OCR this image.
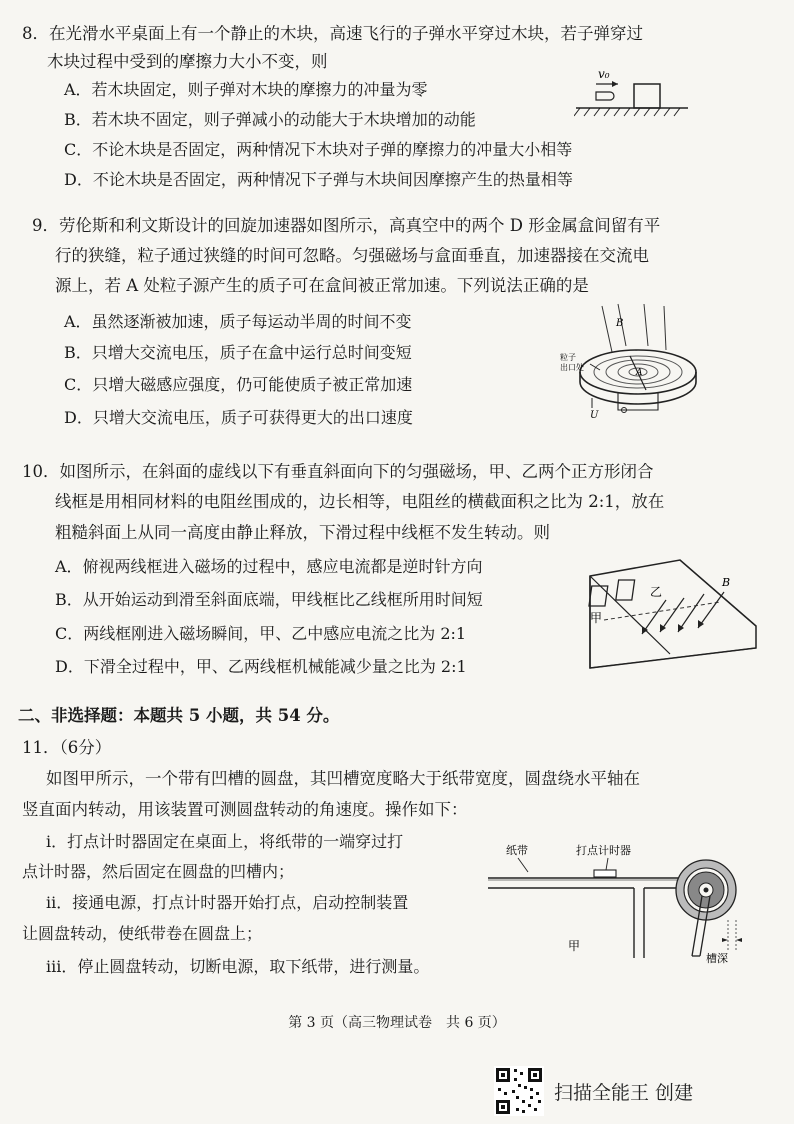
8．在光滑水平桌面上有一个静止的木块，高速飞行的子弹水平穿过木块，若子弹穿过
木块过程中受到的摩擦力大小不变，则
A．若木块固定，则子弹对木块的摩擦力的冲量为零
B．若木块不固定，则子弹减小的动能大于木块增加的动能
C．不论木块是否固定，两种情况下木块对子弹的摩擦力的冲量大小相等
D．不论木块是否固定，两种情况下子弹与木块间因摩擦产生的热量相等
v₀
9．劳伦斯和利文斯设计的回旋加速器如图所示，高真空中的两个 D 形金属盒间留有平
行的狭缝，粒子通过狭缝的时间可忽略。匀强磁场与盒面垂直，加速器接在交流电
源上，若 A 处粒子源产生的质子可在盒间被正常加速。下列说法正确的是
A．虽然逐渐被加速，质子每运动半周的时间不变
B．只增大交流电压，质子在盒中运行总时间变短
C．只增大磁感应强度，仍可能使质子被正常加速
D．只增大交流电压，质子可获得更大的出口速度
B
A
粒子
出口处
U
10．如图所示，在斜面的虚线以下有垂直斜面向下的匀强磁场，甲、乙两个正方形闭合
线框是用相同材料的电阻丝围成的，边长相等，电阻丝的横截面积之比为 2:1，放在
粗糙斜面上从同一高度由静止释放，下滑过程中线框不发生转动。则
A．俯视两线框进入磁场的过程中，感应电流都是逆时针方向
B．从开始运动到滑至斜面底端，甲线框比乙线框所用时间短
C．两线框刚进入磁场瞬间，甲、乙中感应电流之比为 2:1
D．下滑全过程中，甲、乙两线框机械能减少量之比为 2:1
甲
乙
B
二、非选择题：本题共 5 小题，共 54 分。
11．（6分）
如图甲所示，一个带有凹槽的圆盘，其凹槽宽度略大于纸带宽度，圆盘绕水平轴在
竖直面内转动，用该装置可测圆盘转动的角速度。操作如下：
i．打点计时器固定在桌面上，将纸带的一端穿过打
点计时器，然后固定在圆盘的凹槽内；
ii．接通电源，打点计时器开始打点，启动控制装置
让圆盘转动，使纸带卷在圆盘上；
iii．停止圆盘转动，切断电源，取下纸带，进行测量。
纸带	打点计时器
槽深
甲
第 3 页（高三物理试卷　共 6 页）
扫描全能王 创建
